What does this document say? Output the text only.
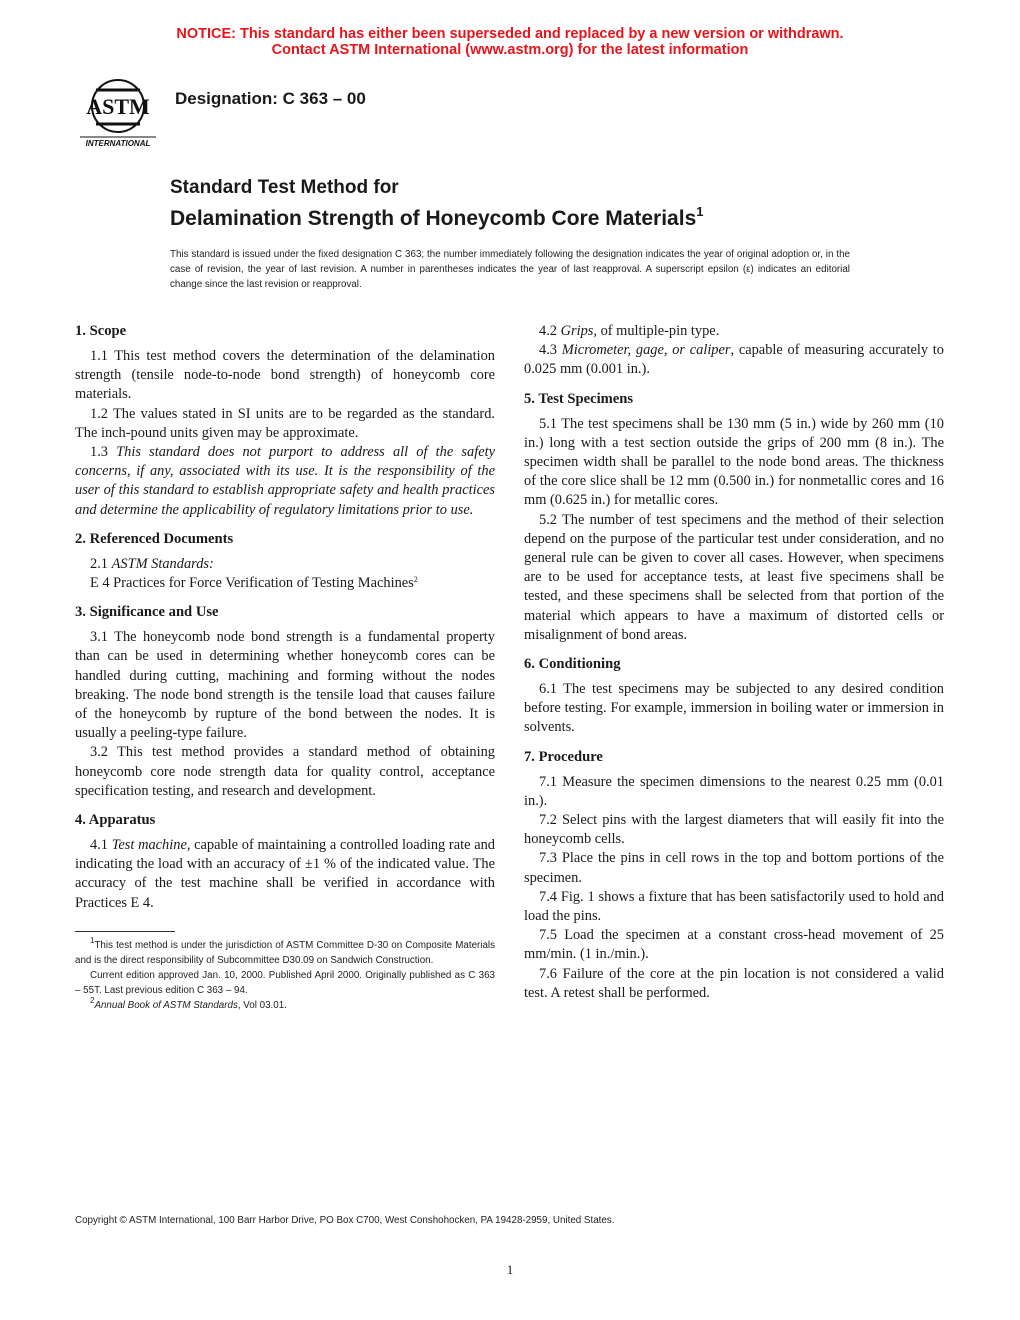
NOTICE: This standard has either been superseded and replaced by a new version or withdrawn.
Contact ASTM International (www.astm.org) for the latest information
ASTM
INTERNATIONAL
Designation: C 363 – 00
Standard Test Method for
Delamination Strength of Honeycomb Core Materials$^1$
This standard is issued under the fixed designation C 363; the number immediately following the designation indicates the year of original adoption or, in the case of revision, the year of last revision. A number in parentheses indicates the year of last reapproval. A superscript epsilon (ε) indicates an editorial change since the last revision or reapproval.
1. Scope

1.1 This test method covers the determination of the delamination strength (tensile node-to-node bond strength) of honeycomb core materials.

1.2 The values stated in SI units are to be regarded as the standard. The inch-pound units given may be approximate.

1.3 This standard does not purport to address all of the safety concerns, if any, associated with its use. It is the responsibility of the user of this standard to establish appropriate safety and health practices and determine the applicability of regulatory limitations prior to use.

2. Referenced Documents

2.1 ASTM Standards:

E 4 Practices for Force Verification of Testing Machines$^2$

3. Significance and Use

3.1 The honeycomb node bond strength is a fundamental property than can be used in determining whether honeycomb cores can be handled during cutting, machining and forming without the nodes breaking. The node bond strength is the tensile load that causes failure of the honeycomb by rupture of the bond between the nodes. It is usually a peeling-type failure.

3.2 This test method provides a standard method of obtaining honeycomb core node strength data for quality control, acceptance specification testing, and research and development.

4. Apparatus

4.1 Test machine, capable of maintaining a controlled loading rate and indicating the load with an accuracy of ±1 % of the indicated value. The accuracy of the test machine shall be verified in accordance with Practices E 4.

$^1$This test method is under the jurisdiction of ASTM Committee D-30 on Composite Materials and is the direct responsibility of Subcommittee D30.09 on Sandwich Construction.
Current edition approved Jan. 10, 2000. Published April 2000. Originally published as C 363 – 55T. Last previous edition C 363 – 94.
$^2$Annual Book of ASTM Standards, Vol 03.01.

4.2 Grips, of multiple-pin type.

4.3 Micrometer, gage, or caliper, capable of measuring accurately to 0.025 mm (0.001 in.).

5. Test Specimens

5.1 The test specimens shall be 130 mm (5 in.) wide by 260 mm (10 in.) long with a test section outside the grips of 200 mm (8 in.). The specimen width shall be parallel to the node bond areas. The thickness of the core slice shall be 12 mm (0.500 in.) for nonmetallic cores and 16 mm (0.625 in.) for metallic cores.

5.2 The number of test specimens and the method of their selection depend on the purpose of the particular test under consideration, and no general rule can be given to cover all cases. However, when specimens are to be used for acceptance tests, at least five specimens shall be tested, and these specimens shall be selected from that portion of the material which appears to have a maximum of distorted cells or misalignment of bond areas.

6. Conditioning

6.1 The test specimens may be subjected to any desired condition before testing. For example, immersion in boiling water or immersion in solvents.

7. Procedure

7.1 Measure the specimen dimensions to the nearest 0.25 mm (0.01 in.).

7.2 Select pins with the largest diameters that will easily fit into the honeycomb cells.

7.3 Place the pins in cell rows in the top and bottom portions of the specimen.

7.4 Fig. 1 shows a fixture that has been satisfactorily used to hold and load the pins.

7.5 Load the specimen at a constant cross-head movement of 25 mm/min. (1 in./min.).

7.6 Failure of the core at the pin location is not considered a valid test. A retest shall be performed.

Copyright © ASTM International, 100 Barr Harbor Drive, PO Box C700, West Conshohocken, PA 19428-2959, United States.
1
